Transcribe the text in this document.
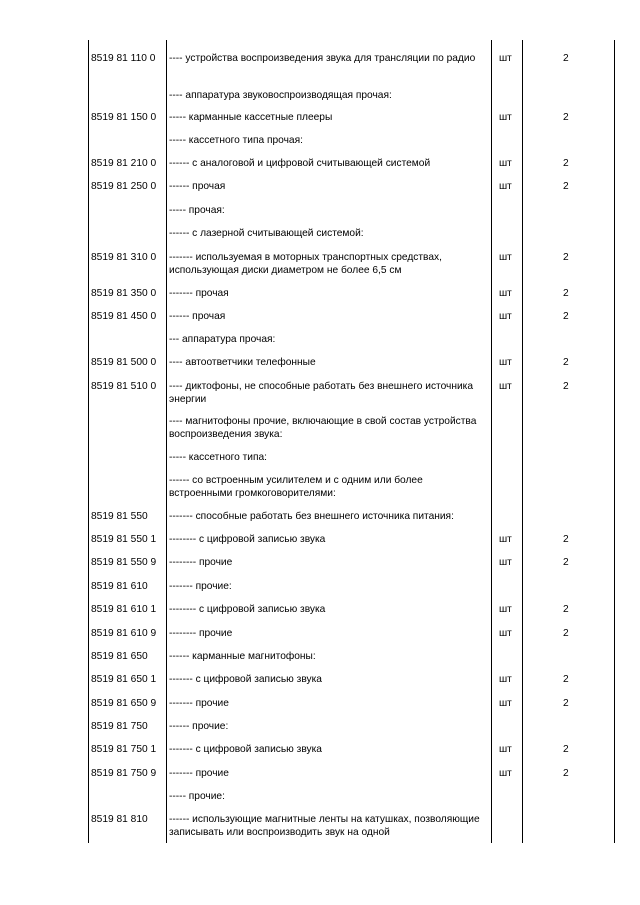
8519 81 110 0 ---- устройства воспроизведения звука для трансляции по радио	шт	2
---- аппаратура звуковоспроизводящая прочая:
8519 81 150 0 ----- карманные кассетные плееры	шт	2
----- кассетного типа прочая:
8519 81 210 0 ------ с аналоговой и цифровой считывающей системой	шт	2
8519 81 250 0 ------ прочая	шт	2
----- прочая:
------ с лазерной считывающей системой:
8519 81 310 0 ------- используемая в моторных транспортных средствах, использующая диски диаметром не более 6,5 см
шт	2
8519 81 350 0 ------- прочая	шт	2
8519 81 450 0 ------ прочая	шт	2
--- аппаратура прочая:
8519 81 500 0 ---- автоответчики телефонные	шт	2
8519 81 510 0 ---- диктофоны, не способные работать без внешнего источника энергии
шт	2
---- магнитофоны прочие, включающие в свой состав устройства воспроизведения звука:
----- кассетного типа:
------ со встроенным усилителем и с одним или более встроенными громкоговорителями:
8519 81 550 ------- способные работать без внешнего источника питания:
8519 81 550 1 -------- с цифровой записью звука	шт	2
8519 81 550 9 -------- прочие	шт	2
8519 81 610 ------- прочие:
8519 81 610 1 -------- с цифровой записью звука	шт	2
8519 81 610 9 -------- прочие	шт	2
8519 81 650 ------ карманные магнитофоны:
8519 81 650 1 ------- с цифровой записью звука	шт	2
8519 81 650 9 ------- прочие	шт	2
8519 81 750 ------ прочие:
8519 81 750 1 ------- с цифровой записью звука	шт	2
8519 81 750 9 ------- прочие	шт	2
----- прочие:
8519 81 810 ------ использующие магнитные ленты на катушках, позволяющие записывать или воспроизводить звук на одной
